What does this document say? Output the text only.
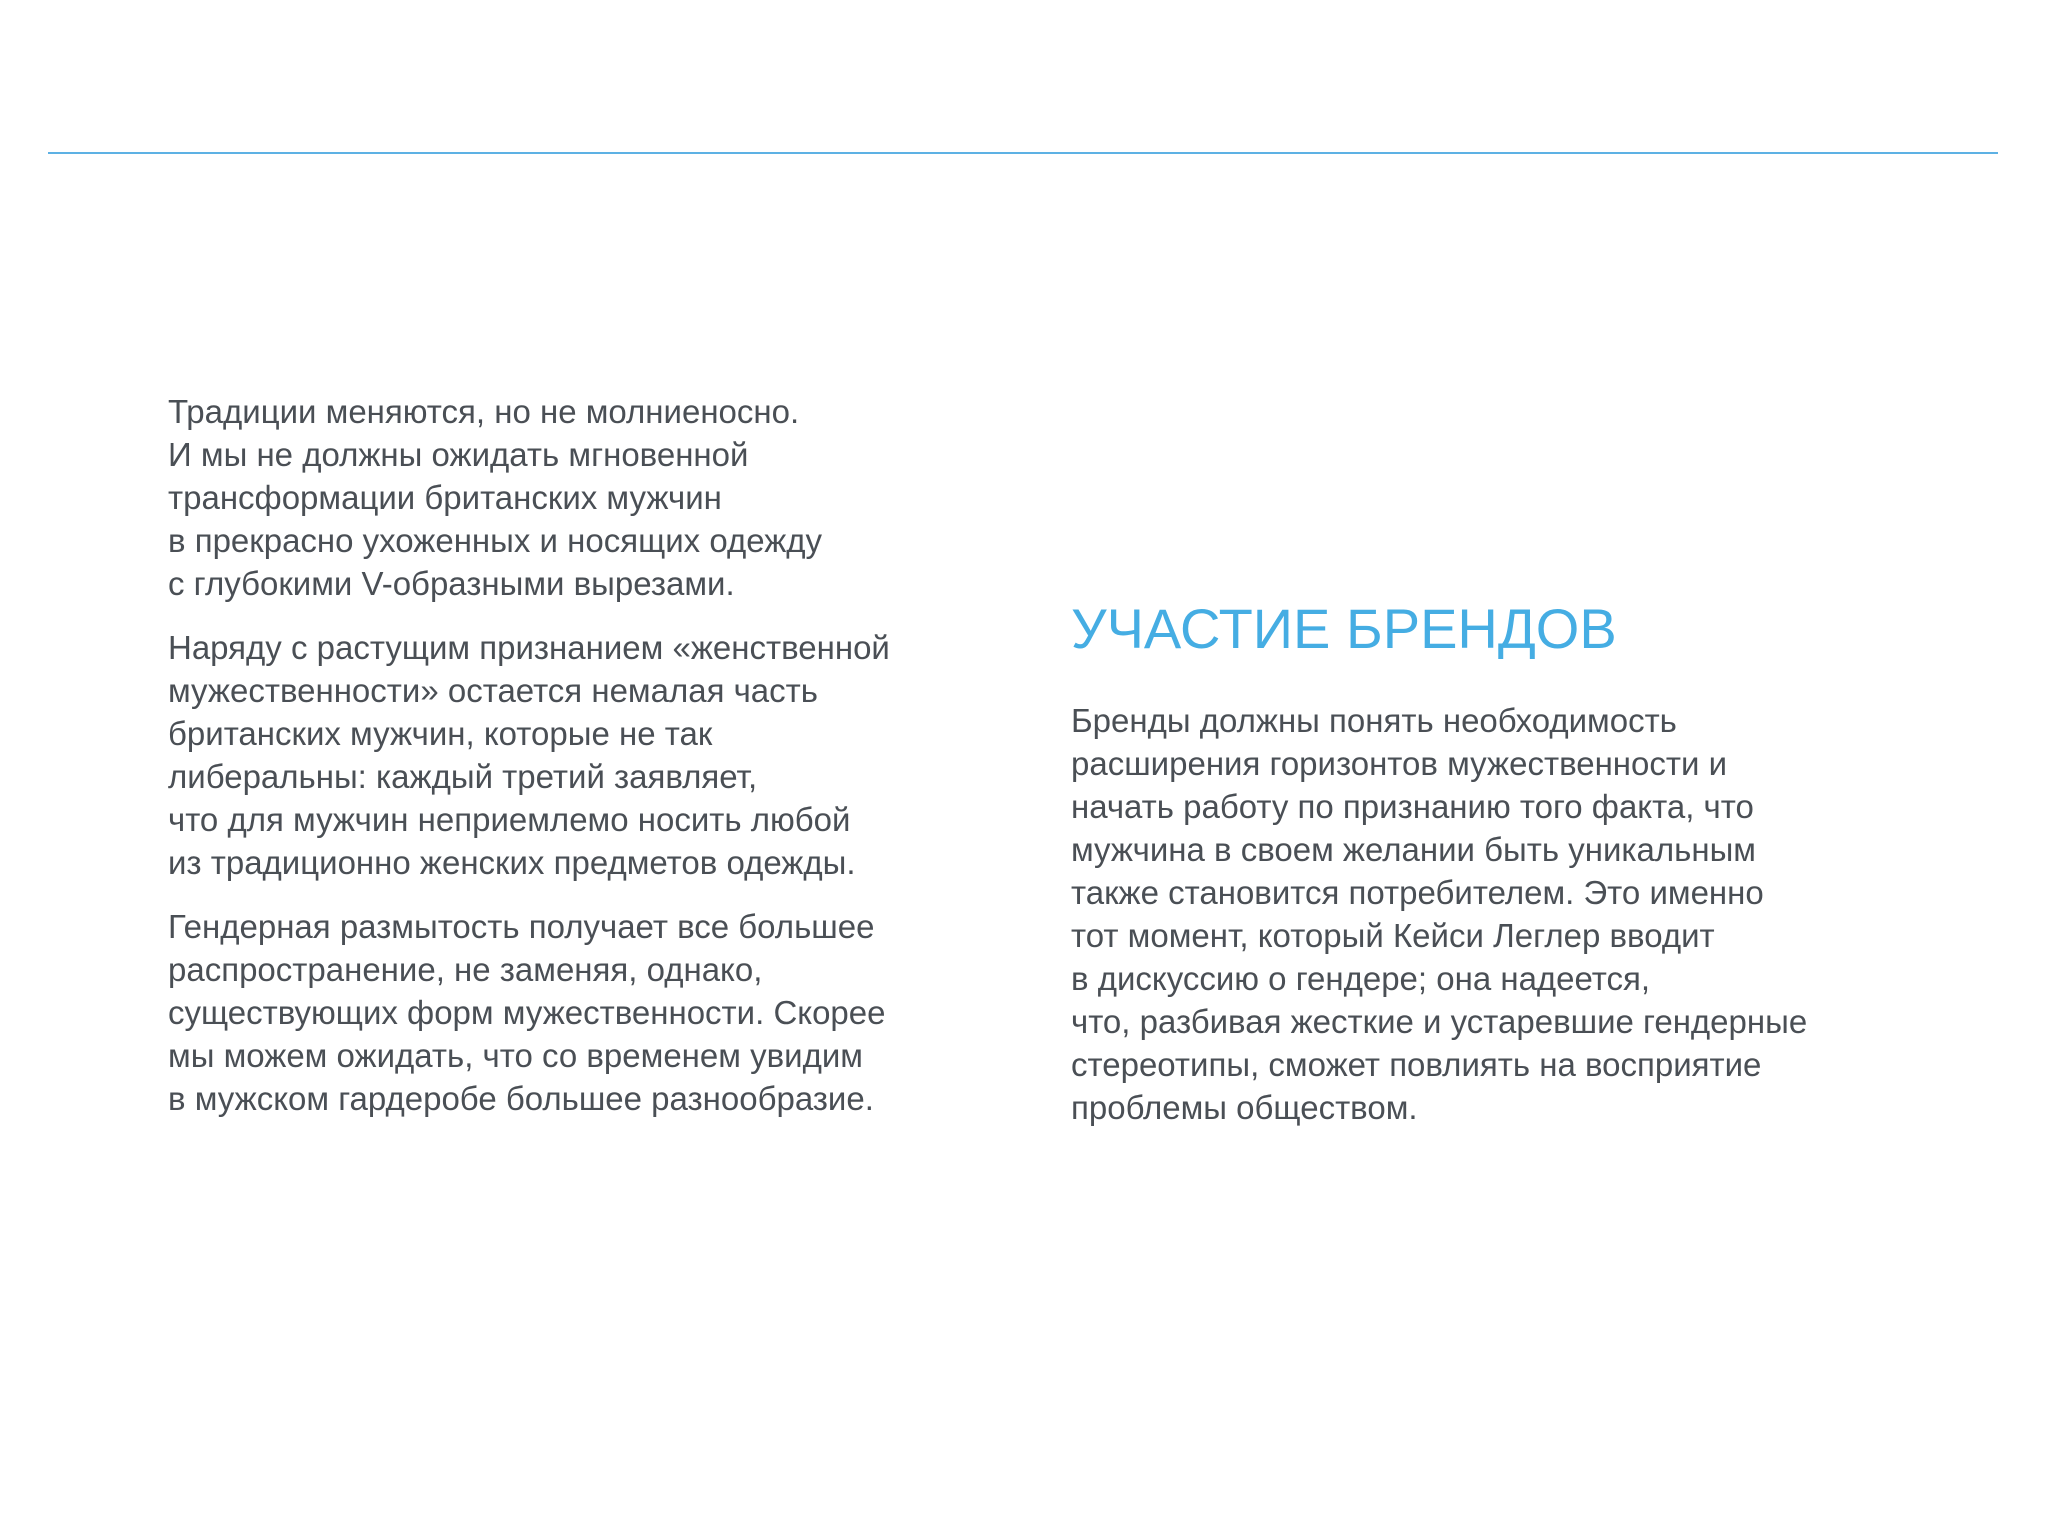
Традиции меняются, но не молниеносно.
И мы не должны ожидать мгновенной
трансформации британских мужчин
в прекрасно ухоженных и носящих одежду
с глубокими V-образными вырезами.

Наряду с растущим признанием «женственной
мужественности» остается немалая часть
британских мужчин, которые не так
либеральны: каждый третий заявляет,
что для мужчин неприемлемо носить любой
из традиционно женских предметов одежды.

Гендерная размытость получает все большее
распространение, не заменяя, однако,
существующих форм мужественности. Скорее
мы можем ожидать, что со временем увидим
в мужском гардеробе большее разнообразие.

УЧАСТИЕ БРЕНДОВ

Бренды должны понять необходимость
расширения горизонтов мужественности и
начать работу по признанию того факта, что
мужчина в своем желании быть уникальным
также становится потребителем. Это именно
тот момент, который Кейси Леглер вводит
в дискуссию о гендере; она надеется,
что, разбивая жесткие и устаревшие гендерные
стереотипы, сможет повлиять на восприятие
проблемы обществом.
